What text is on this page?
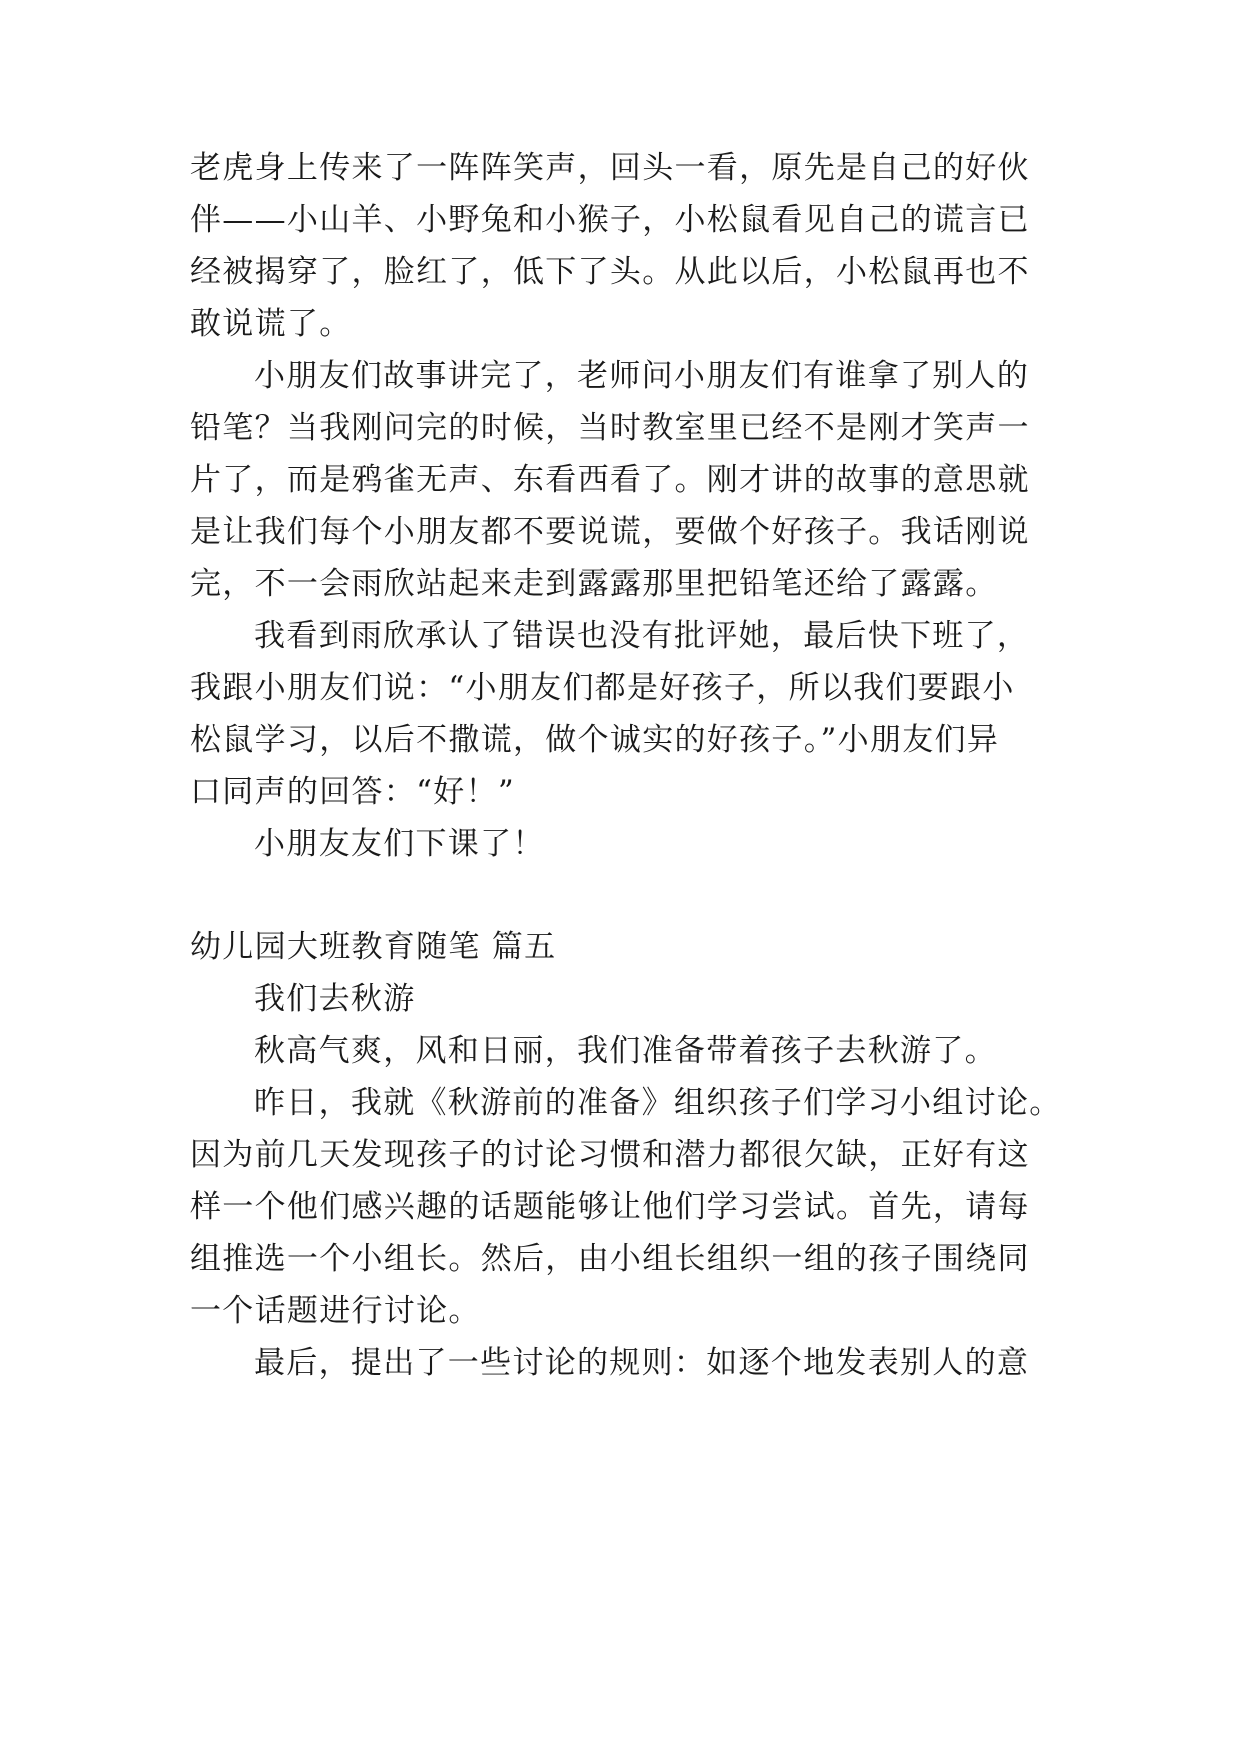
老虎身上传来了一阵阵笑声，回头一看，原先是自己的好伙
伴——小山羊、小野兔和小猴子，小松鼠看见自己的谎言已
经被揭穿了，脸红了，低下了头。从此以后，小松鼠再也不
敢说谎了。
小朋友们故事讲完了，老师问小朋友们有谁拿了别人的
铅笔？当我刚问完的时候，当时教室里已经不是刚才笑声一
片了，而是鸦雀无声、东看西看了。刚才讲的故事的意思就
是让我们每个小朋友都不要说谎，要做个好孩子。我话刚说
完，不一会雨欣站起来走到露露那里把铅笔还给了露露。
我看到雨欣承认了错误也没有批评她，最后快下班了，
我跟小朋友们说：“小朋友们都是好孩子，所以我们要跟小
松鼠学习，以后不撒谎，做个诚实的好孩子。”小朋友们异
口同声的回答：“好！”
小朋友友们下课了！
幼儿园大班教育随笔 篇五
我们去秋游
秋高气爽，风和日丽，我们准备带着孩子去秋游了。
昨日，我就《秋游前的准备》组织孩子们学习小组讨论。
因为前几天发现孩子的讨论习惯和潜力都很欠缺，正好有这
样一个他们感兴趣的话题能够让他们学习尝试。首先，请每
组推选一个小组长。然后，由小组长组织一组的孩子围绕同
一个话题进行讨论。
最后，提出了一些讨论的规则：如逐个地发表别人的意
